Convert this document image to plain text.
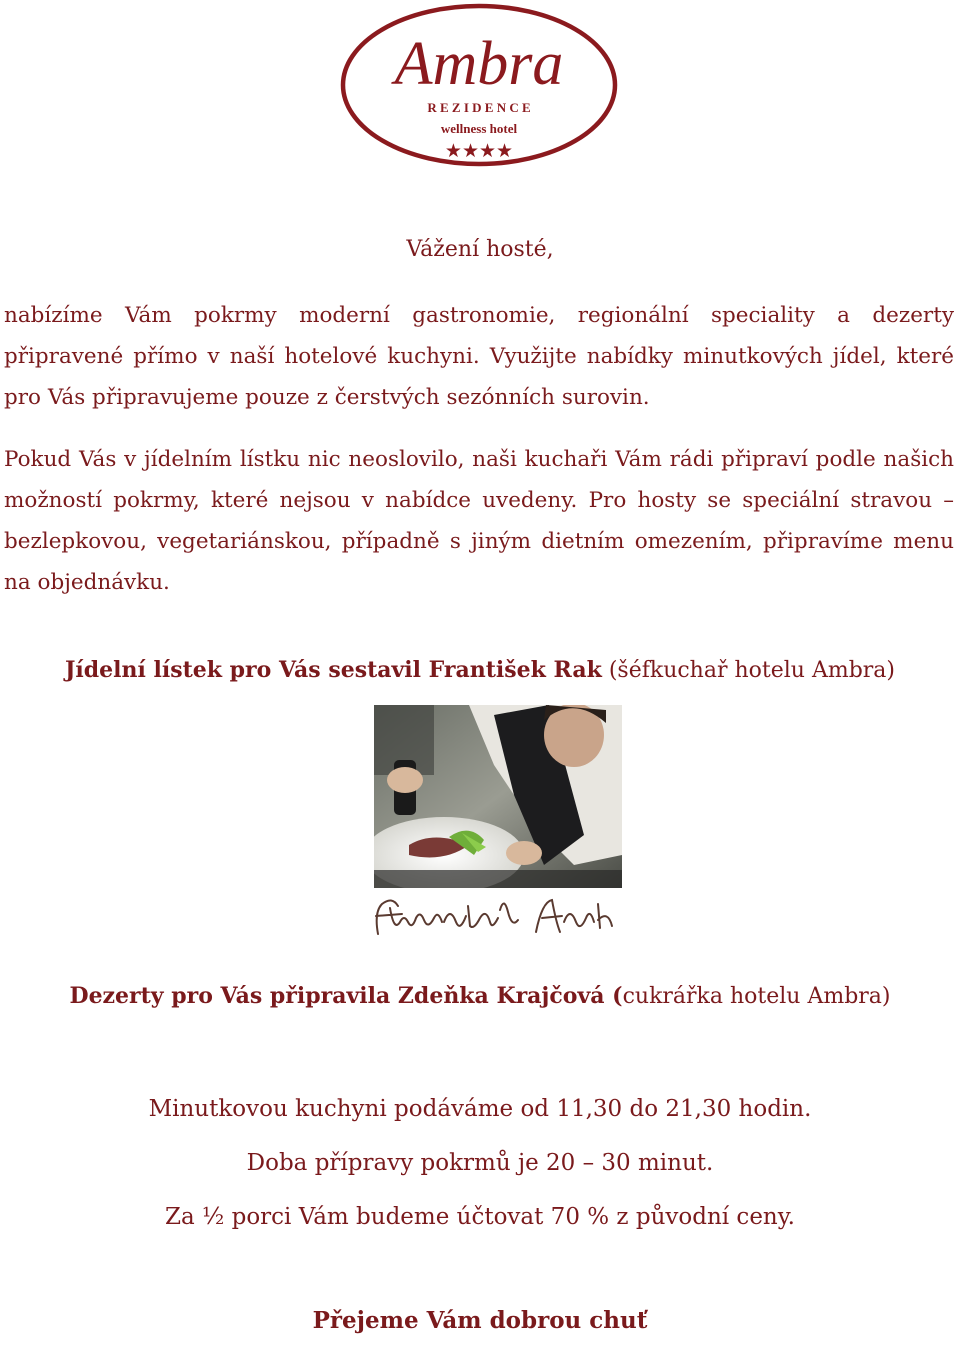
Ambra
R E Z I D E N C E
wellness hotel
★★★★
Vážení hosté,
nabízíme Vám pokrmy moderní gastronomie, regionální speciality a dezerty připravené přímo v naší hotelové kuchyni. Využijte nabídky minutkových jídel, které pro Vás připravujeme pouze z čerstvých sezónních surovin.
Pokud Vás v jídelním lístku nic neoslovilo, naši kuchaři Vám rádi připraví podle našich možností pokrmy, které nejsou v nabídce uvedeny. Pro hosty se speciální stravou – bezlepkovou, vegetariánskou, případně s jiným dietním omezením, připravíme menu na objednávku.
Jídelní lístek pro Vás sestavil František Rak (šéfkuchař hotelu Ambra)
Dezerty pro Vás připravila Zdeňka Krajčová (cukrářka hotelu Ambra)
Minutkovou kuchyni podáváme od 11,30 do 21,30 hodin.
Doba přípravy pokrmů je 20 – 30 minut.
Za ½ porci Vám budeme účtovat 70 % z původní ceny.
Přejeme Vám dobrou chuť
